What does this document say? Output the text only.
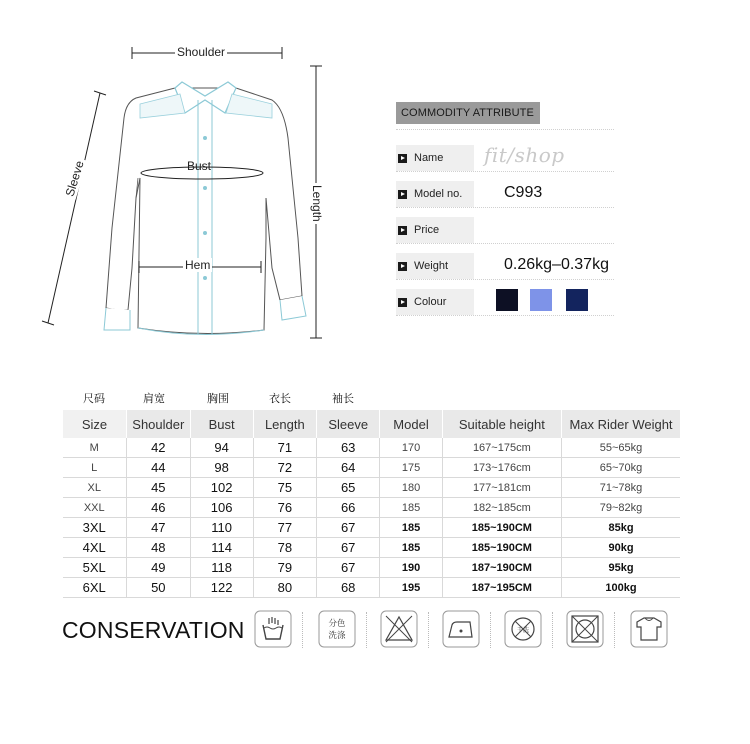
Shoulder
Bust
Hem
Sleeve
Length
COMMODITY ATTRIBUTE
Name fit/shop
Model no.	C993
Price
Weight	0.26kg–0.37kg
Colour
尺码	肩宽	胸围	衣长	袖长
Size	Shoulder	Bust	Length	Sleeve	Model	Suitable height	Max Rider Weight
M	42	94	71	63	170	167~175cm	55~65kg
L	44	98	72	64	175	173~176cm	65~70kg
XL	45	102	75	65	180	177~181cm	71~78kg
XXL	46	106	76	66	185	182~185cm	79~82kg
3XL	47	110	77	67	185	185~190CM	85kg
4XL	48	114	78	67	185	185~190CM	90kg
5XL	49	118	79	67	190	187~190CM	95kg
6XL	50	122	80	68	195	187~195CM	100kg
CONSERVATION	分色
洗涤
干洗
